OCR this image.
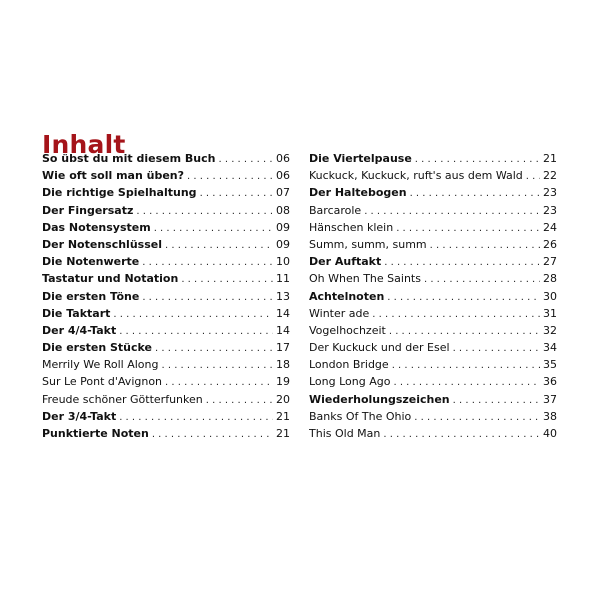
Inhalt
So übst du mit diesem Buch . . .	06
Wie oft soll man üben? . . .	06
Die richtige Spielhaltung . . .	07
Der Fingersatz . . .	08
Das Notensystem . . .	09
Der Notenschlüssel . . .	09
Die Notenwerte . . .	10
Tastatur und Notation . . .	11
Die ersten Töne . . .	13
Die Taktart . . .	14
Der 4/4-Takt . . .	14
Die ersten Stücke . . .	17
Merrily We Roll Along . . .	18
Sur Le Pont d'Avignon . . .	19
Freude schöner Götterfunken . . .	20
Der 3/4-Takt . . .	21
Punktierte Noten . . .	21
Die Viertelpause . . .	21
Kuckuck, Kuckuck, ruft's aus dem Wald . . . 22
Der Haltebogen . . .	23
Barcarole . . .	23
Hänschen klein . . .	24
Summ, summ, summ . . .	26
Der Auftakt . . .	27
Oh When The Saints . . .	28
Achtelnoten . . .	30
Winter ade . . .	31
Vogelhochzeit . . .	32
Der Kuckuck und der Esel . . .	34
London Bridge . . .	35
Long Long Ago . . .	36
Wiederholungszeichen . . .	37
Banks Of The Ohio . . .	38
This Old Man . . .	40
